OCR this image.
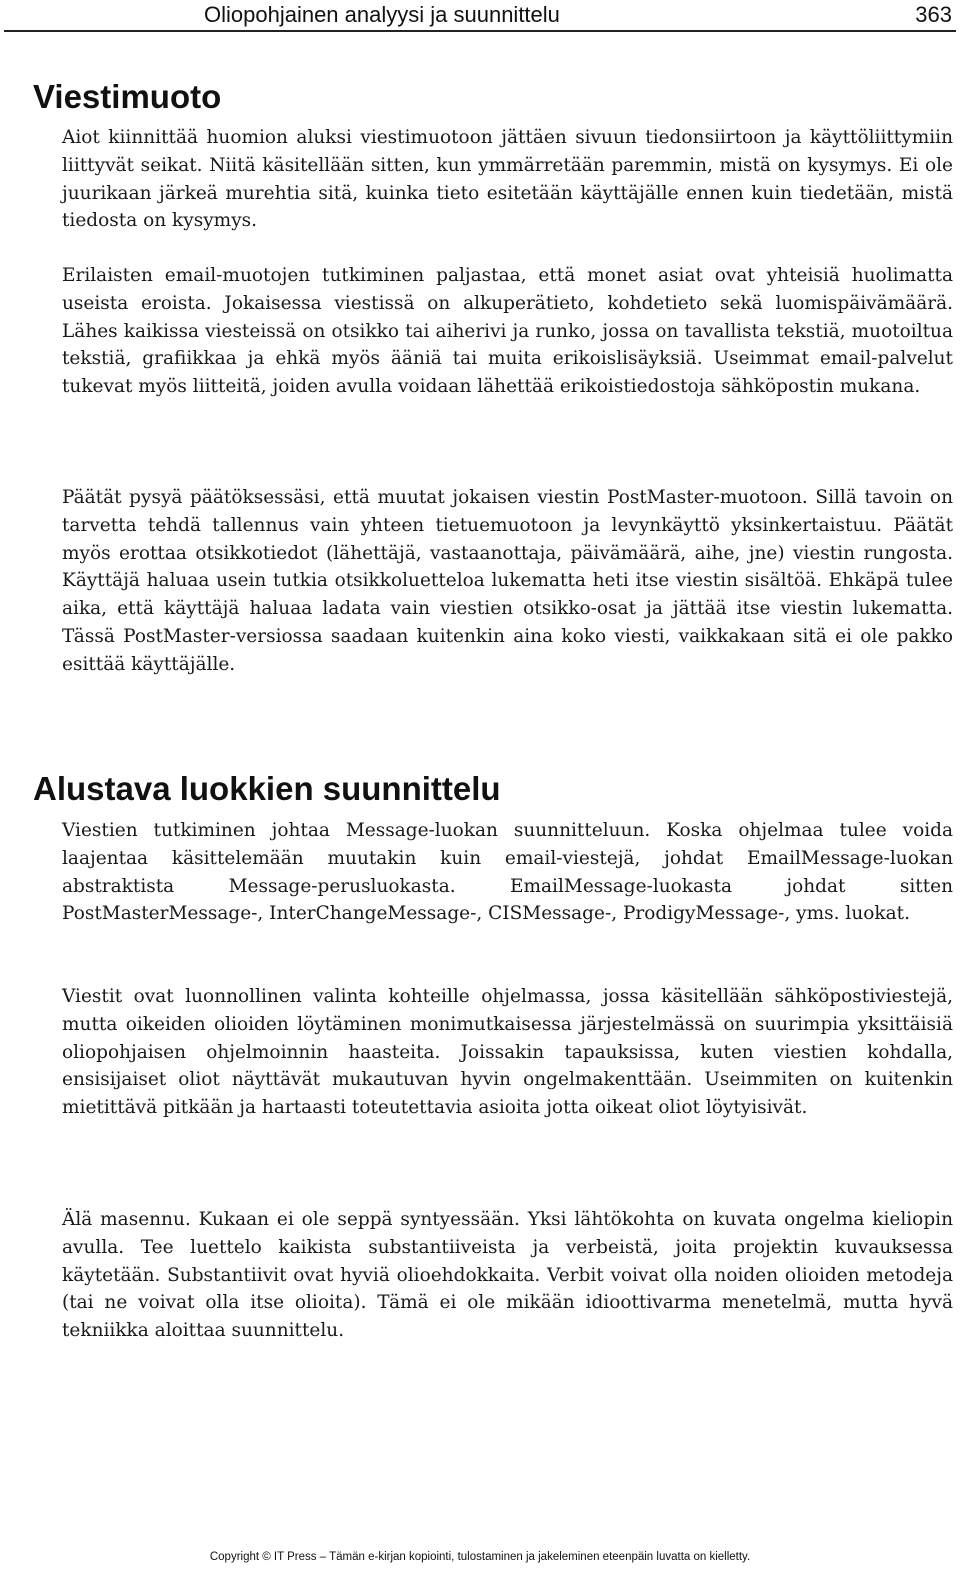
Oliopohjainen analyysi ja suunnittelu	363
Viestimuoto

Aiot kiinnittää huomion aluksi viestimuotoon jättäen sivuun tiedonsiirtoon ja käyttöliittymiin liittyvät seikat. Niitä käsitellään sitten, kun ymmärretään paremmin, mistä on kysymys. Ei ole juurikaan järkeä murehtia sitä, kuinka tieto esitetään käyttäjälle ennen kuin tiedetään, mistä tiedosta on kysymys.

Erilaisten email-muotojen tutkiminen paljastaa, että monet asiat ovat yhteisiä huolimatta useista eroista. Jokaisessa viestissä on alkuperätieto, kohdetieto sekä luomispäivämäärä. Lähes kaikissa viesteissä on otsikko tai aiherivi ja runko, jossa on tavallista tekstiä, muotoiltua tekstiä, grafiikkaa ja ehkä myös ääniä tai muita erikoislisäyksiä. Useimmat email-palvelut tukevat myös liitteitä, joiden avulla voidaan lähettää erikoistiedostoja sähköpostin mukana.

Päätät pysyä päätöksessäsi, että muutat jokaisen viestin PostMaster-muotoon. Sillä tavoin on tarvetta tehdä tallennus vain yhteen tietuemuotoon ja levynkäyttö yksinkertaistuu. Päätät myös erottaa otsikkotiedot (lähettäjä, vastaanottaja, päivämäärä, aihe, jne) viestin rungosta. Käyttäjä haluaa usein tutkia otsikkoluetteloa lukematta heti itse viestin sisältöä. Ehkäpä tulee aika, että käyttäjä haluaa ladata vain viestien otsikko-osat ja jättää itse viestin lukematta. Tässä PostMaster-versiossa saadaan kuitenkin aina koko viesti, vaikkakaan sitä ei ole pakko esittää käyttäjälle.

Alustava luokkien suunnittelu

Viestien tutkiminen johtaa Message-luokan suunnitteluun. Koska ohjelmaa tulee voida laajentaa käsittelemään muutakin kuin email-viestejä, johdat EmailMessage-luokan abstraktista Message-perusluokasta. EmailMessage-luokasta johdat sitten PostMasterMessage-, InterChangeMessage-, CISMessage-, ProdigyMessage-, yms. luokat.

Viestit ovat luonnollinen valinta kohteille ohjelmassa, jossa käsitellään sähköpostiviestejä, mutta oikeiden olioiden löytäminen monimutkaisessa järjestelmässä on suurimpia yksittäisiä oliopohjaisen ohjelmoinnin haasteita. Joissakin tapauksissa, kuten viestien kohdalla, ensisijaiset oliot näyttävät mukautuvan hyvin ongelmakenttään. Useimmiten on kuitenkin mietittävä pitkään ja hartaasti toteutettavia asioita jotta oikeat oliot löytyisivät.

Älä masennu. Kukaan ei ole seppä syntyessään. Yksi lähtökohta on kuvata ongelma kieliopin avulla. Tee luettelo kaikista substantiiveista ja verbeistä, joita projektin kuvauksessa käytetään. Substantiivit ovat hyviä olioehdokkaita. Verbit voivat olla noiden olioiden metodeja (tai ne voivat olla itse olioita). Tämä ei ole mikään idioottivarma menetelmä, mutta hyvä tekniikka aloittaa suunnittelu.

Copyright © IT Press – Tämän e-kirjan kopiointi, tulostaminen ja jakeleminen eteenpäin luvatta on kielletty.
